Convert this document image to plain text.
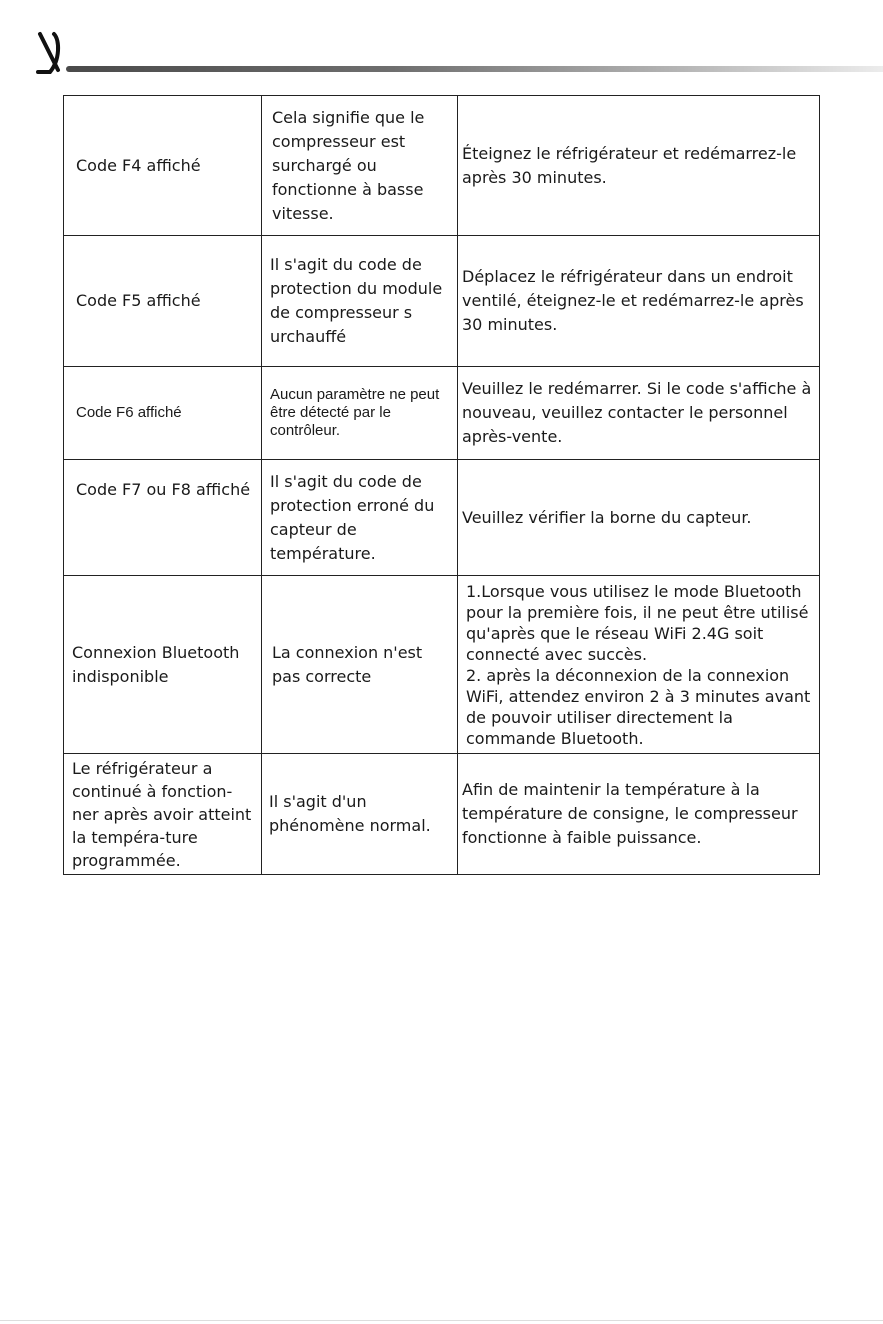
Code F4 affiché
Cela signifie que le compresseur est surchargé ou fonctionne à basse vitesse.
Éteignez le réfrigérateur et redémarrez-le après 30 minutes.
Code F5 affiché
Il s'agit du code de protection du module de compresseur s urchauffé
Déplacez le réfrigérateur dans un endroit ventilé, éteignez-le et redémarrez-le après 30 minutes.
Code F6 affiché
Aucun paramètre ne peut être détecté par le contrôleur.
Veuillez le redémarrer. Si le code s'affiche à nouveau, veuillez contacter le personnel après-vente.
Code F7 ou F8 affiché	Il s'agit du code de protection erroné du capteur de température.
Veuillez vérifier la borne du capteur.
Connexion Bluetooth indisponible
La connexion n'est pas correcte
1.Lorsque vous utilisez le mode Bluetooth pour la première fois, il ne peut être utilisé qu'après que le réseau WiFi 2.4G soit connecté avec succès.
2. après la déconnexion de la connexion WiFi, attendez environ 2 à 3 minutes avant de pouvoir utiliser directement la commande Bluetooth.
Le réfrigérateur a continué à fonction-ner après avoir atteint la tempéra-ture programmée.
Il s'agit d'un phénomène normal.
Afin de maintenir la température à la température de consigne, le compresseur fonctionne à faible puissance.
